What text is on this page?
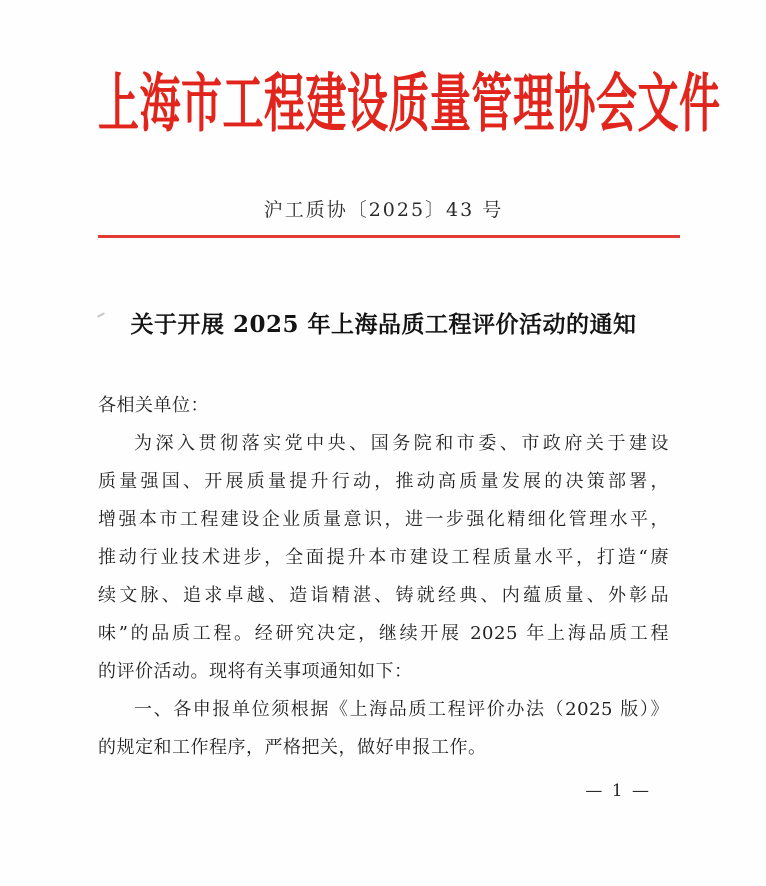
上海市工程建设质量管理协会文件
沪工质协〔2025〕43 号
关于开展 2025 年上海品质工程评价活动的通知
各相关单位：
为深入贯彻落实党中央、国务院和市委、市政府关于建设
质量强国、开展质量提升行动，推动高质量发展的决策部署，
增强本市工程建设企业质量意识，进一步强化精细化管理水平，
推动行业技术进步，全面提升本市建设工程质量水平，打造“赓
续文脉、追求卓越、造诣精湛、铸就经典、内蕴质量、外彰品
味”的品质工程。经研究决定，继续开展 2025 年上海品质工程
的评价活动。现将有关事项通知如下：
一、各申报单位须根据《上海品质工程评价办法（2025 版）》
的规定和工作程序，严格把关，做好申报工作。
— 1 —
